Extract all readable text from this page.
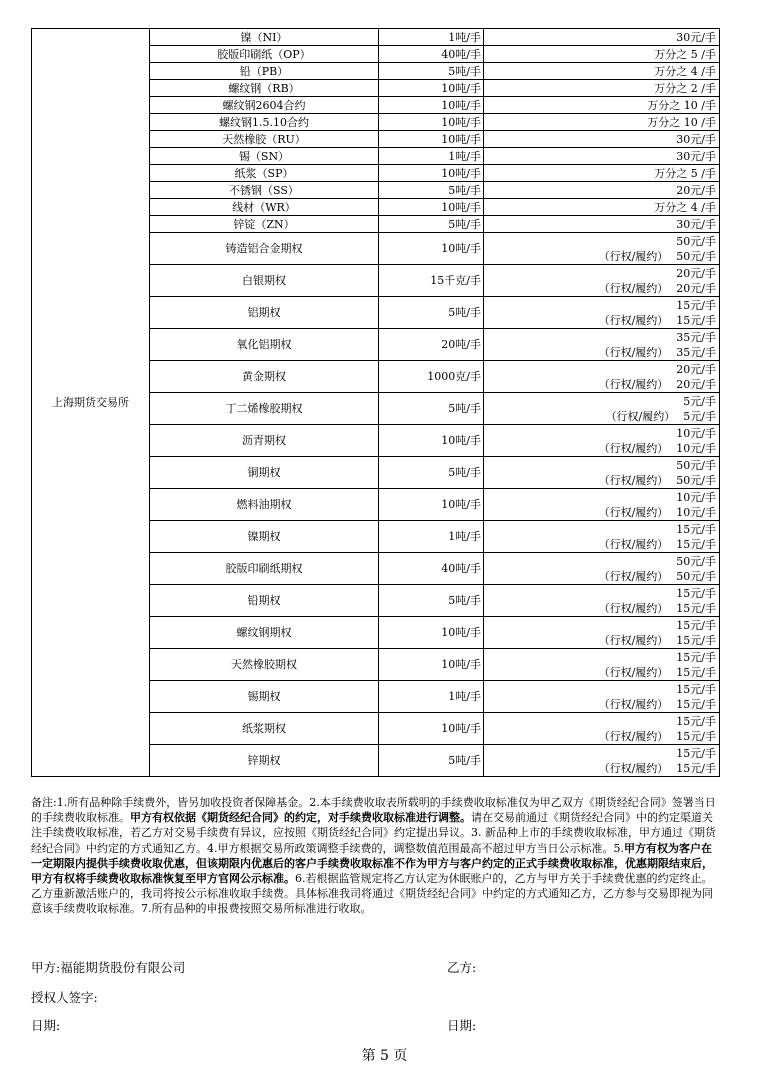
上海期货交易所	镍（NI）	1吨/手	30元/手
	胶版印刷纸（OP）	40吨/手	万分之 5 /手
	铅（PB）	5吨/手	万分之 4 /手
	螺纹钢（RB）	10吨/手	万分之 2 /手
	螺纹钢2604合约	10吨/手	万分之 10 /手
	螺纹钢1.5.10合约	10吨/手	万分之 10 /手
	天然橡胶（RU）	10吨/手	30元/手
	锡（SN）	1吨/手	30元/手
	纸浆（SP）	10吨/手	万分之 5 /手
	不锈钢（SS）	5吨/手	20元/手
	线材（WR）	10吨/手	万分之 4 /手
	锌锭（ZN）	5吨/手	30元/手
	铸造铝合金期权	10吨/手	50元/手
（行权/履约） 50元/手

	白银期权	15千克/手	20元/手
（行权/履约） 20元/手

	铝期权	5吨/手	15元/手
（行权/履约） 15元/手

	氧化铝期权	20吨/手	35元/手
（行权/履约） 35元/手

	黄金期权	1000克/手	20元/手
（行权/履约） 20元/手

	丁二烯橡胶期权	5吨/手	5元/手
（行权/履约） 5元/手

	沥青期权	10吨/手	10元/手
（行权/履约） 10元/手

	铜期权	5吨/手	50元/手
（行权/履约） 50元/手

	燃料油期权	10吨/手	10元/手
（行权/履约） 10元/手

	镍期权	1吨/手	15元/手
（行权/履约） 15元/手

	胶版印刷纸期权	40吨/手	50元/手
（行权/履约） 50元/手

	铅期权	5吨/手	15元/手
（行权/履约） 15元/手

	螺纹钢期权	10吨/手	15元/手
（行权/履约） 15元/手

	天然橡胶期权	10吨/手	15元/手
（行权/履约） 15元/手

	锡期权	1吨/手	15元/手
（行权/履约） 15元/手

	纸浆期权	10吨/手	15元/手
（行权/履约） 15元/手

	锌期权	5吨/手	15元/手
（行权/履约） 15元/手
备注:1.所有品种除手续费外，皆另加收投资者保障基金。2.本手续费收取表所载明的手续费收取标准仅为甲乙双方《期货经纪合同》签署当日的手续费收取标准。甲方有权依据《期货经纪合同》的约定，对手续费收取标准进行调整。请在交易前通过《期货经纪合同》中的约定渠道关注手续费收取标准，若乙方对交易手续费有异议，应按照《期货经纪合同》约定提出异议。3. 新品种上市的手续费收取标准，甲方通过《期货经纪合同》中约定的方式通知乙方。4.甲方根据交易所政策调整手续费的，调整数值范围最高不超过甲方当日公示标准。5.甲方有权为客户在一定期限内提供手续费收取优惠，但该期限内优惠后的客户手续费收取标准不作为甲方与客户约定的正式手续费收取标准，优惠期限结束后，甲方有权将手续费收取标准恢复至甲方官网公示标准。6.若根据监管规定将乙方认定为休眠账户的，乙方与甲方关于手续费优惠的约定终止。乙方重新激活账户的，我司将按公示标准收取手续费。具体标准我司将通过《期货经纪合同》中约定的方式通知乙方，乙方参与交易即视为同意该手续费收取标准。7.所有品种的申报费按照交易所标准进行收取。
甲方:福能期货股份有限公司	乙方:
授权人签字:
日期:	日期:
第 5 页
